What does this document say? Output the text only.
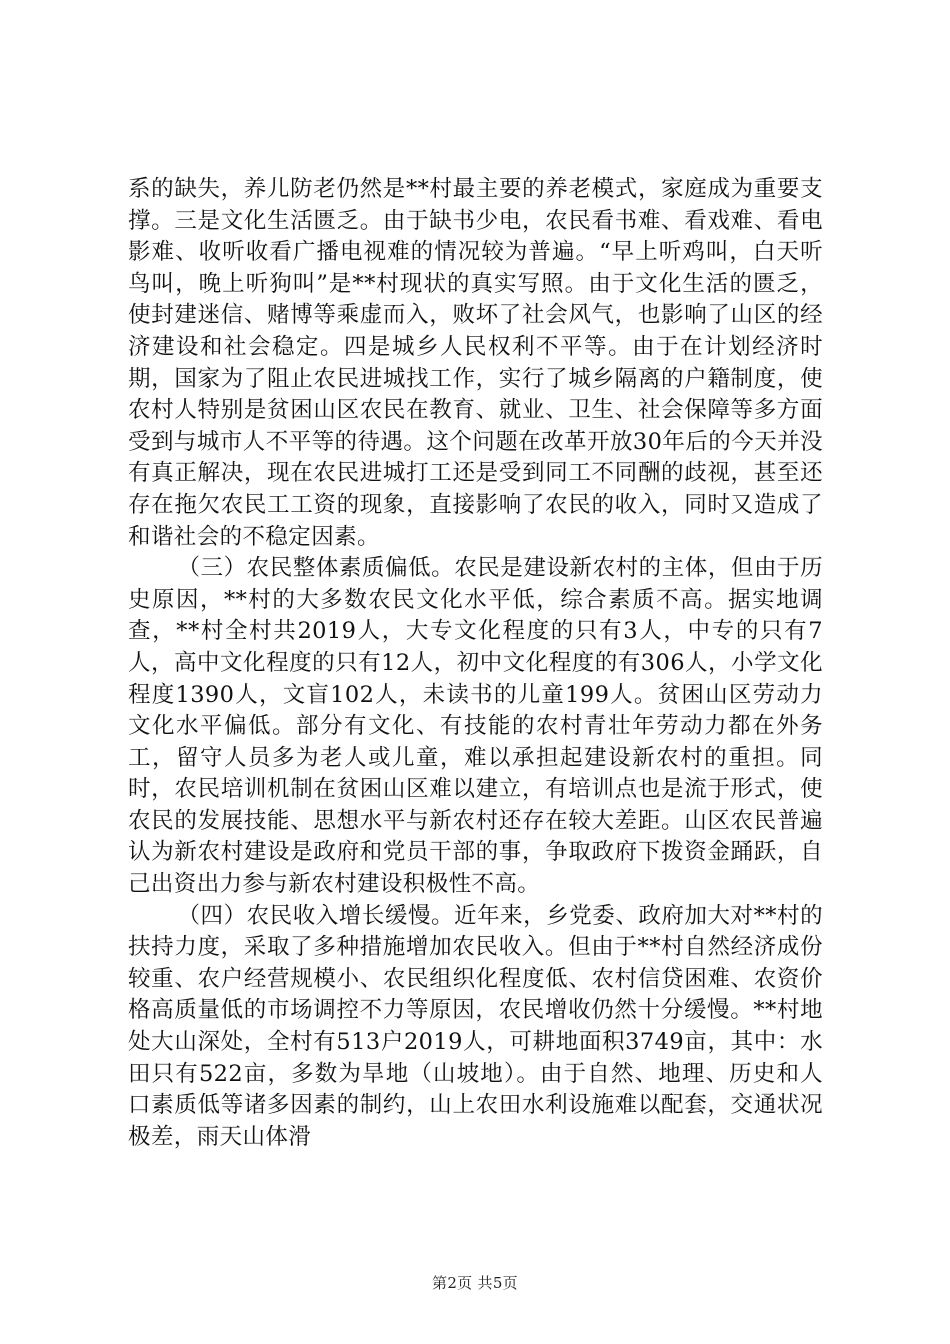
系的缺失，养儿防老仍然是**村最主要的养老模式，家庭成为重要支撑。三是文化生活匮乏。由于缺书少电，农民看书难、看戏难、看电影难、收听收看广播电视难的情况较为普遍。“早上听鸡叫，白天听鸟叫，晚上听狗叫”是**村现状的真实写照。由于文化生活的匮乏，使封建迷信、赌博等乘虚而入，败坏了社会风气，也影响了山区的经济建设和社会稳定。四是城乡人民权利不平等。由于在计划经济时期，国家为了阻止农民进城找工作，实行了城乡隔离的户籍制度，使农村人特别是贫困山区农民在教育、就业、卫生、社会保障等多方面受到与城市人不平等的待遇。这个问题在改革开放30年后的今天并没有真正解决，现在农民进城打工还是受到同工不同酬的歧视，甚至还存在拖欠农民工工资的现象，直接影响了农民的收入，同时又造成了和谐社会的不稳定因素。

（三）农民整体素质偏低。农民是建设新农村的主体，但由于历史原因，**村的大多数农民文化水平低，综合素质不高。据实地调查，**村全村共2019人，大专文化程度的只有3人，中专的只有7人，高中文化程度的只有12人，初中文化程度的有306人，小学文化程度1390人，文盲102人，未读书的儿童199人。贫困山区劳动力文化水平偏低。部分有文化、有技能的农村青壮年劳动力都在外务工，留守人员多为老人或儿童，难以承担起建设新农村的重担。同时，农民培训机制在贫困山区难以建立，有培训点也是流于形式，使农民的发展技能、思想水平与新农村还存在较大差距。山区农民普遍认为新农村建设是政府和党员干部的事，争取政府下拨资金踊跃，自己出资出力参与新农村建设积极性不高。

（四）农民收入增长缓慢。近年来，乡党委、政府加大对**村的扶持力度，采取了多种措施增加农民收入。但由于**村自然经济成份较重、农户经营规模小、农民组织化程度低、农村信贷困难、农资价格高质量低的市场调控不力等原因，农民增收仍然十分缓慢。**村地处大山深处，全村有513户2019人，可耕地面积3749亩，其中：水田只有522亩，多数为旱地（山坡地）。由于自然、地理、历史和人口素质低等诸多因素的制约，山上农田水利设施难以配套，交通状况极差，雨天山体滑

第2页 共5页
